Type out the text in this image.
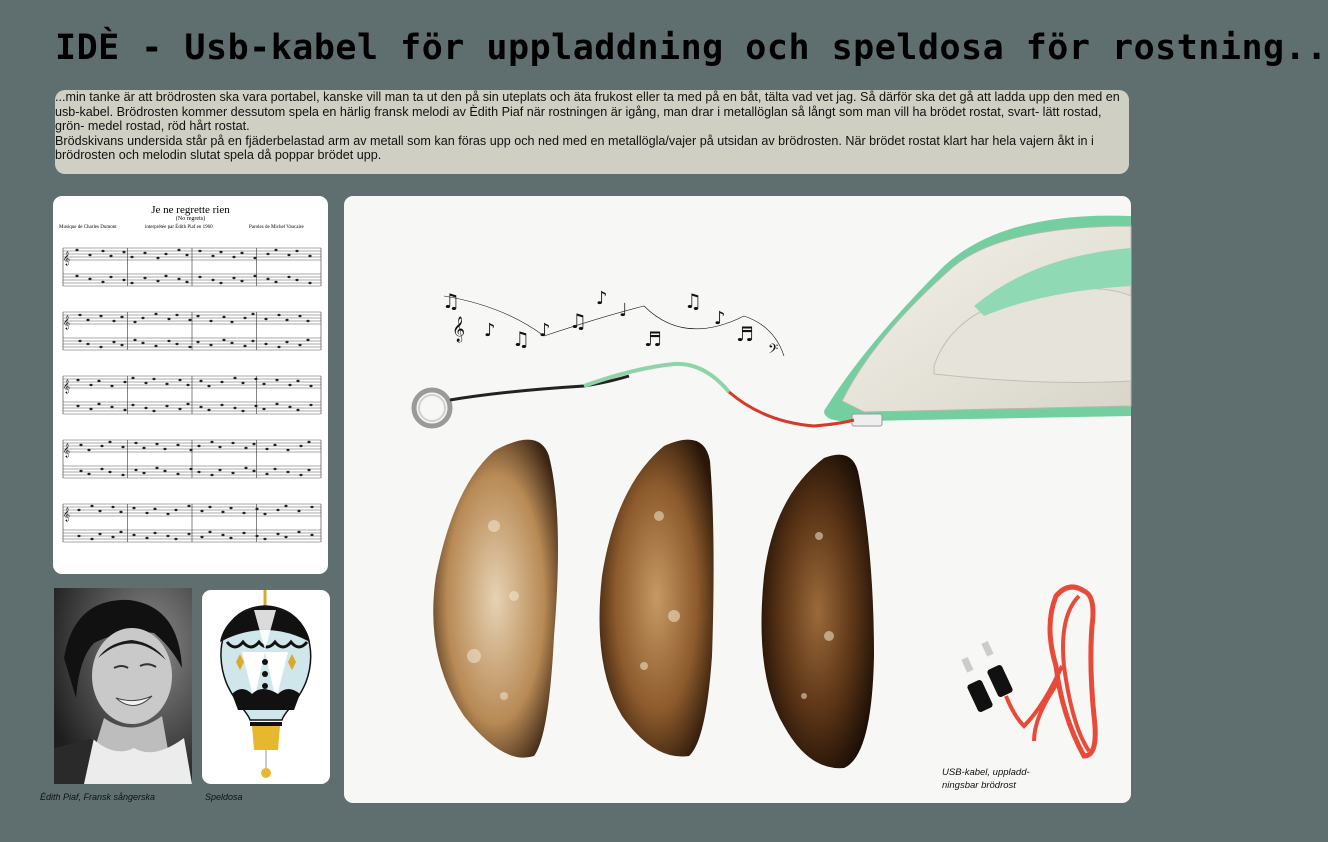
IDÈ - Usb-kabel för uppladdning och speldosa för rostning..

...min tanke är att brödrosten ska vara portabel, kanske vill man ta ut den på sin uteplats och äta frukost eller ta med på en båt, tälta vad vet jag. Så därför ska det gå att ladda upp den med en usb-kabel. Brödrosten kommer dessutom spela en härlig fransk melodi av Èdith Piaf när rostningen är igång, man drar i metallöglan så långt som man vill ha brödet rostat, svart- lätt rostad, grön- medel rostad, röd hårt rostat.

Brödskivans undersida står på en fjäderbelastad arm av metall som kan föras upp och ned med en metallögla/vajer på utsidan av brödrosten. När brödet rostat klart har hela vajern åkt in i brödrosten och melodin slutat spela då poppar brödet upp.

Je ne regrette rien
(No regrets)
Musique de Charles Dumont	interprétée par Édith Piaf en 1960	Paroles de Michel Vaucaire
𝄞
𝄞
𝄞
𝄞
𝄞
Èdith Piaf, Fransk sångerska	Speldosa
𝄞
♫
♪ ♫ ♪ ♫
♪
♩
♬
♫
♪
♬
𝄢
USB-kabel, uppladd-
ningsbar brödrost
